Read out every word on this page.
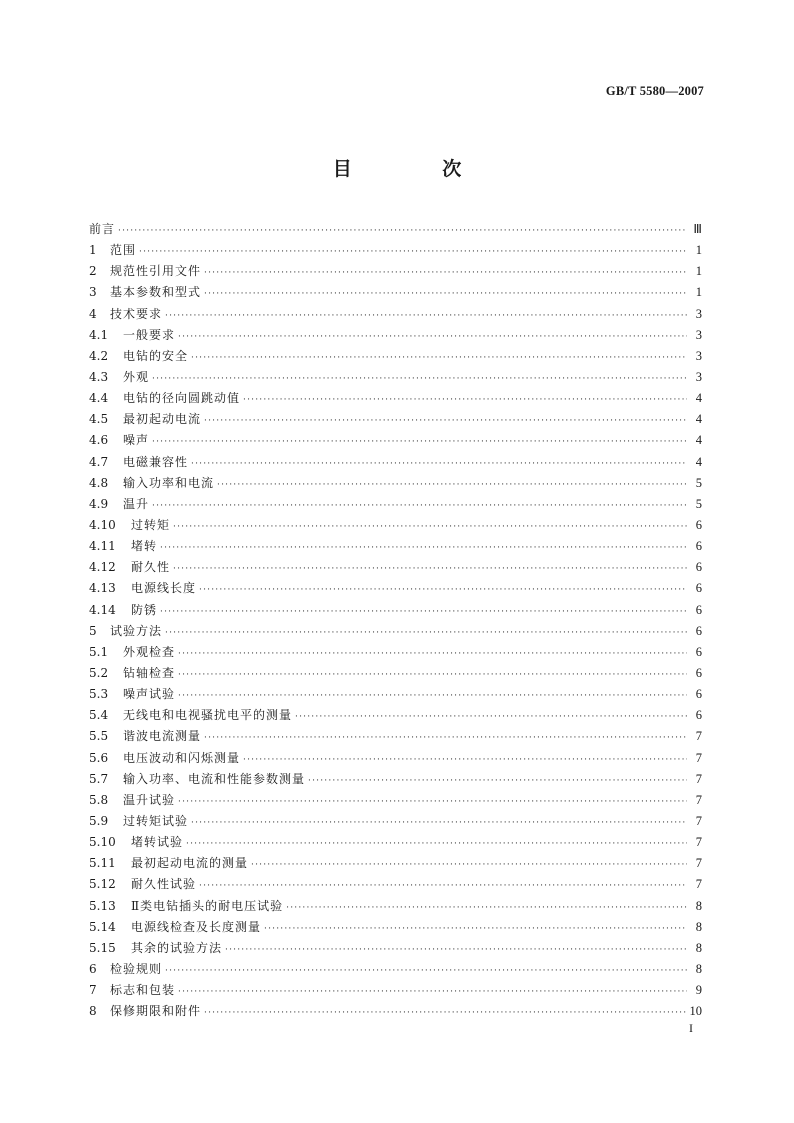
GB/T 5580—2007
目 次
前言 ·····	Ⅲ
1	范围 ·····	1
2	规范性引用文件 ·····	1
3	基本参数和型式 ·····	1
4	技术要求 ·····	3
4.1	一般要求 ·····	3
4.2	电钻的安全 ·····	3
4.3	外观 ·····	3
4.4	电钻的径向圆跳动值 ·····	4
4.5	最初起动电流 ·····	4
4.6	噪声 ·····	4
4.7	电磁兼容性 ·····	4
4.8	输入功率和电流 ·····	5
4.9	温升 ·····	5
4.10	过转矩 ·····	6
4.11	堵转 ·····	6
4.12	耐久性 ·····	6
4.13	电源线长度 ·····	6
4.14	防锈 ·····	6
5	试验方法 ·····	6
5.1	外观检查 ·····	6
5.2	钻轴检查 ·····	6
5.3	噪声试验 ·····	6
5.4	无线电和电视骚扰电平的测量 ·····	6
5.5	谐波电流测量 ·····	7
5.6	电压波动和闪烁测量 ·····	7
5.7	输入功率、电流和性能参数测量 ·····	7
5.8	温升试验 ·····	7
5.9	过转矩试验 ·····	7
5.10	堵转试验 ·····	7
5.11	最初起动电流的测量 ·····	7
5.12	耐久性试验 ·····	7
5.13	Ⅱ类电钻插头的耐电压试验 ·····	8
5.14	电源线检查及长度测量 ·····	8
5.15	其余的试验方法 ·····	8
6	检验规则 ·····	8
7	标志和包装 ·····	9
8	保修期限和附件 ·····	10
I
